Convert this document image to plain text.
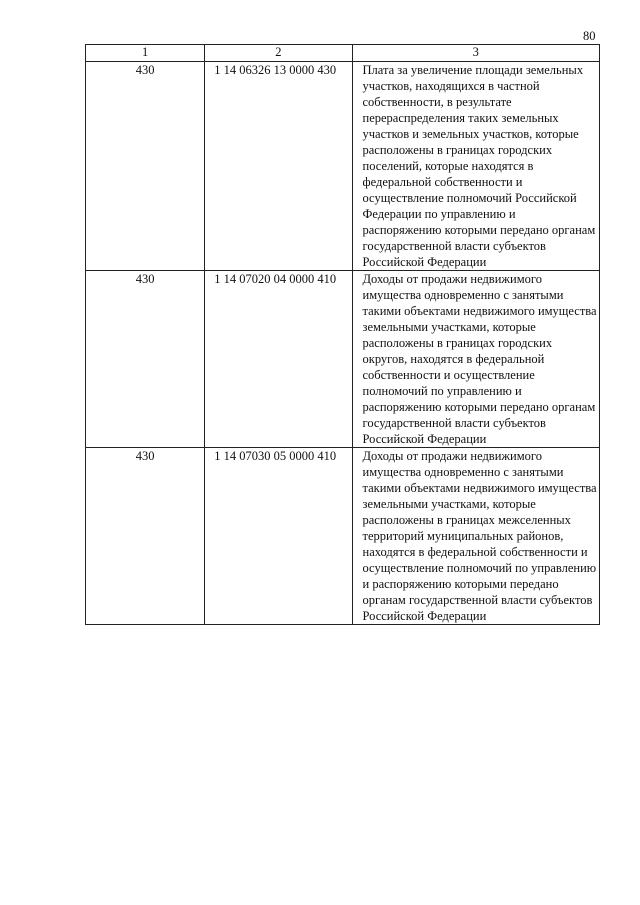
80
1	2	3
430	1 14 06326 13 0000 430	Плата за увеличение площади земельных участков, находящихся в частной собственности, в результате перераспределения таких земельных участков и земельных участков, которые расположены в границах городских поселений, которые находятся в федеральной собственности и осуществление полномочий Российской Федерации по управлению и распоряжению которыми передано органам государственной власти субъектов Российской Федерации
430	1 14 07020 04 0000 410	Доходы от продажи недвижимого имущества одновременно с занятыми такими объектами недвижимого имущества земельными участками, которые расположены в границах городских округов, находятся в федеральной собственности и осуществление полномочий по управлению и распоряжению которыми передано органам государственной власти субъектов Российской Федерации
430	1 14 07030 05 0000 410	Доходы от продажи недвижимого имущества одновременно с занятыми такими объектами недвижимого имущества земельными участками, которые расположены в границах межселенных территорий муниципальных районов, находятся в федеральной собственности и осуществление полномочий по управлению и распоряжению которыми передано органам государственной власти субъектов Российской Федерации
